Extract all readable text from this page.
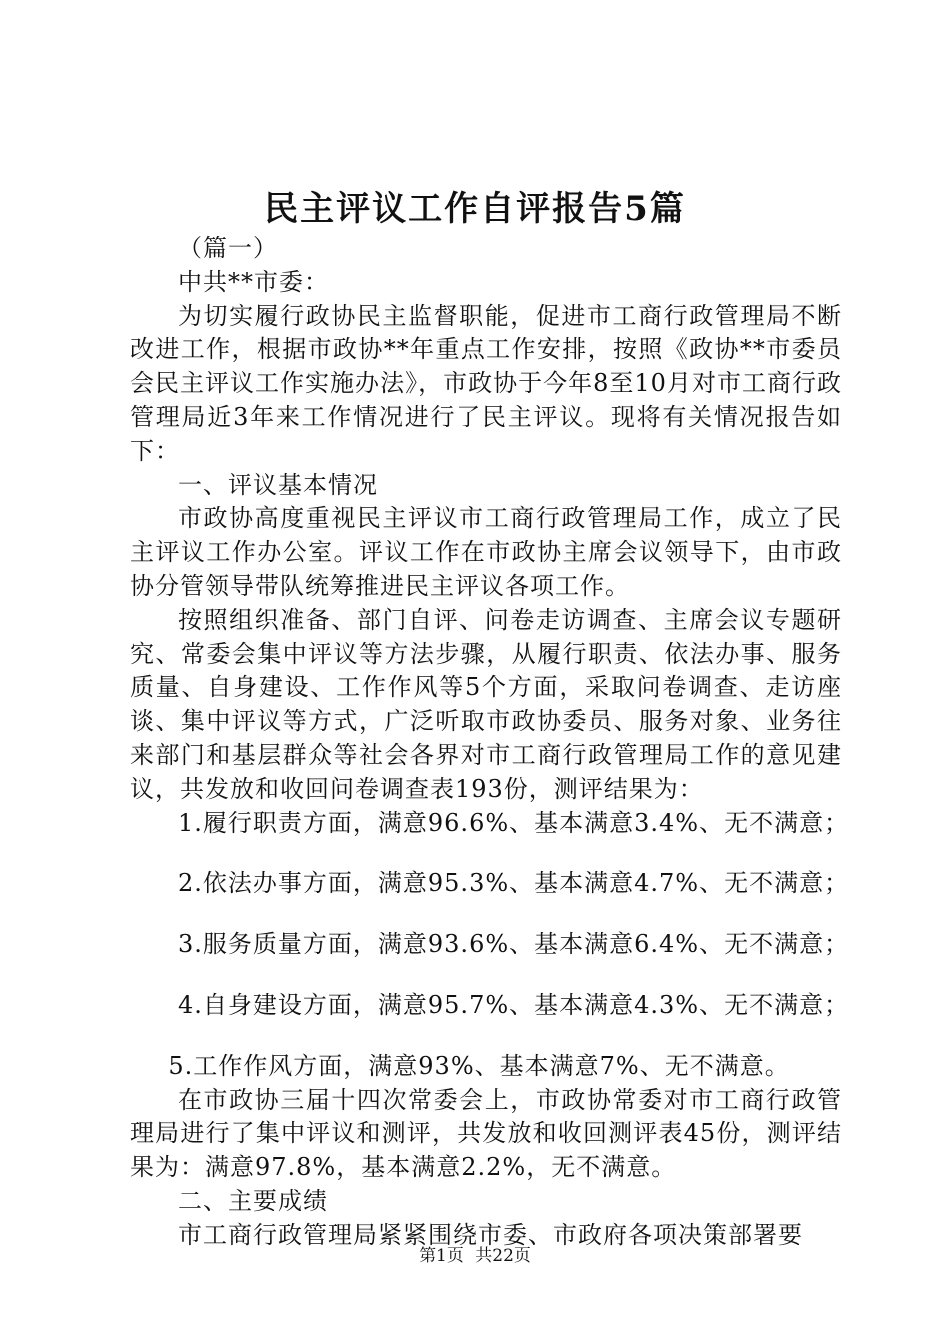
民主评议工作自评报告5篇

（篇一）

中共**市委：

为切实履行政协民主监督职能，促进市工商行政管理局不断改进工作，根据市政协**年重点工作安排，按照《政协**市委员会民主评议工作实施办法》，市政协于今年8至10月对市工商行政管理局近3年来工作情况进行了民主评议。现将有关情况报告如下：

一、评议基本情况

市政协高度重视民主评议市工商行政管理局工作，成立了民主评议工作办公室。评议工作在市政协主席会议领导下，由市政协分管领导带队统筹推进民主评议各项工作。

按照组织准备、部门自评、问卷走访调查、主席会议专题研究、常委会集中评议等方法步骤，从履行职责、依法办事、服务质量、自身建设、工作作风等5个方面，采取问卷调查、走访座谈、集中评议等方式，广泛听取市政协委员、服务对象、业务往来部门和基层群众等社会各界对市工商行政管理局工作的意见建议，共发放和收回问卷调查表193份，测评结果为：

1.履行职责方面，满意96.6%、基本满意3.4%、无不满意；

2.依法办事方面，满意95.3%、基本满意4.7%、无不满意；

3.服务质量方面，满意93.6%、基本满意6.4%、无不满意；

4.自身建设方面，满意95.7%、基本满意4.3%、无不满意；

5.工作作风方面，满意93%、基本满意7%、无不满意。

在市政协三届十四次常委会上，市政协常委对市工商行政管理局进行了集中评议和测评，共发放和收回测评表45份，测评结果为：满意97.8%，基本满意2.2%，无不满意。

二、主要成绩

市工商行政管理局紧紧围绕市委、市政府各项决策部署要

第1页 共22页
